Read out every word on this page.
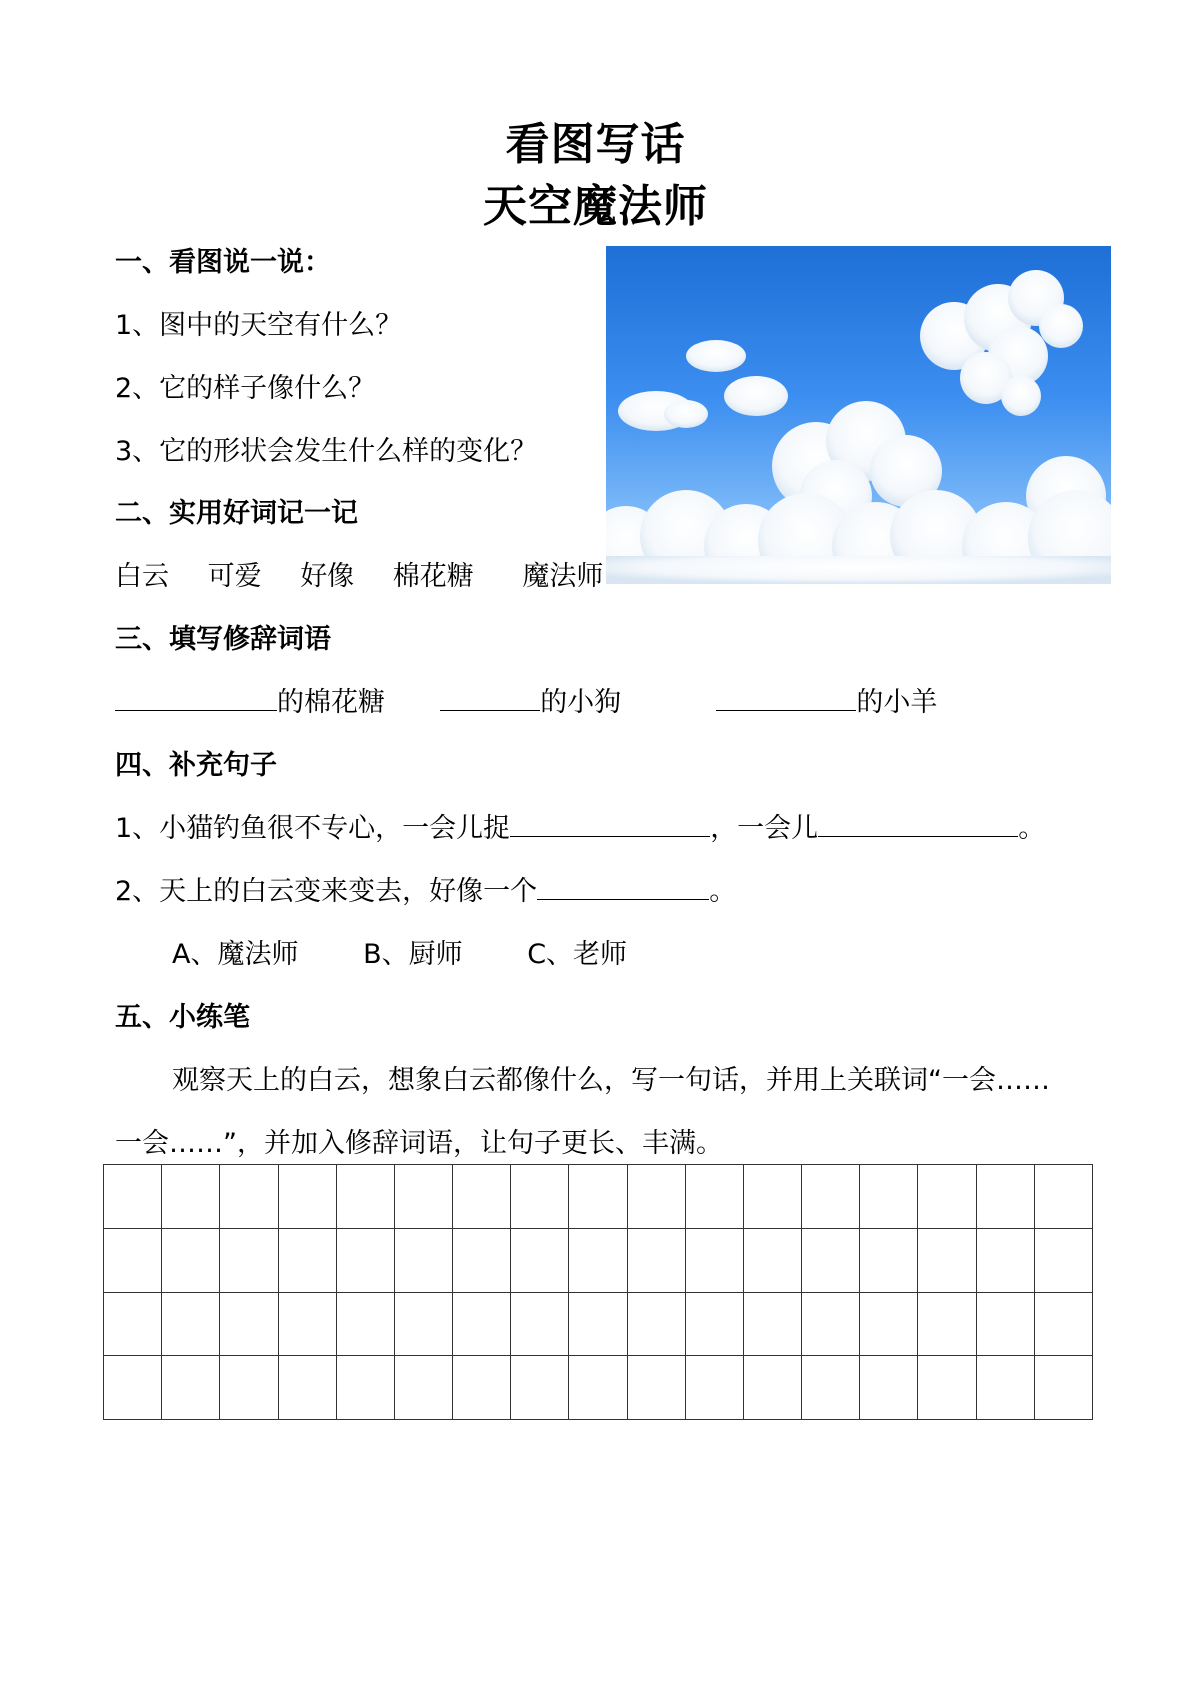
看图写话
天空魔法师
一、看图说一说：
1、图中的天空有什么？
2、它的样子像什么？
3、它的形状会发生什么样的变化？
二、实用好词记一记
白云 可爱 好像 棉花糖 魔法师
三、填写修辞词语
的棉花糖	的小狗	的小羊
四、补充句子
1、小猫钓鱼很不专心，一会儿捉	，一会儿	。
2、天上的白云变来变去，好像一个	。
A、魔法师 B、厨师 C、老师
五、小练笔
观察天上的白云，想象白云都像什么，写一句话，并用上关联词“一会……
一会……”，并加入修辞词语，让句子更长、丰满。
